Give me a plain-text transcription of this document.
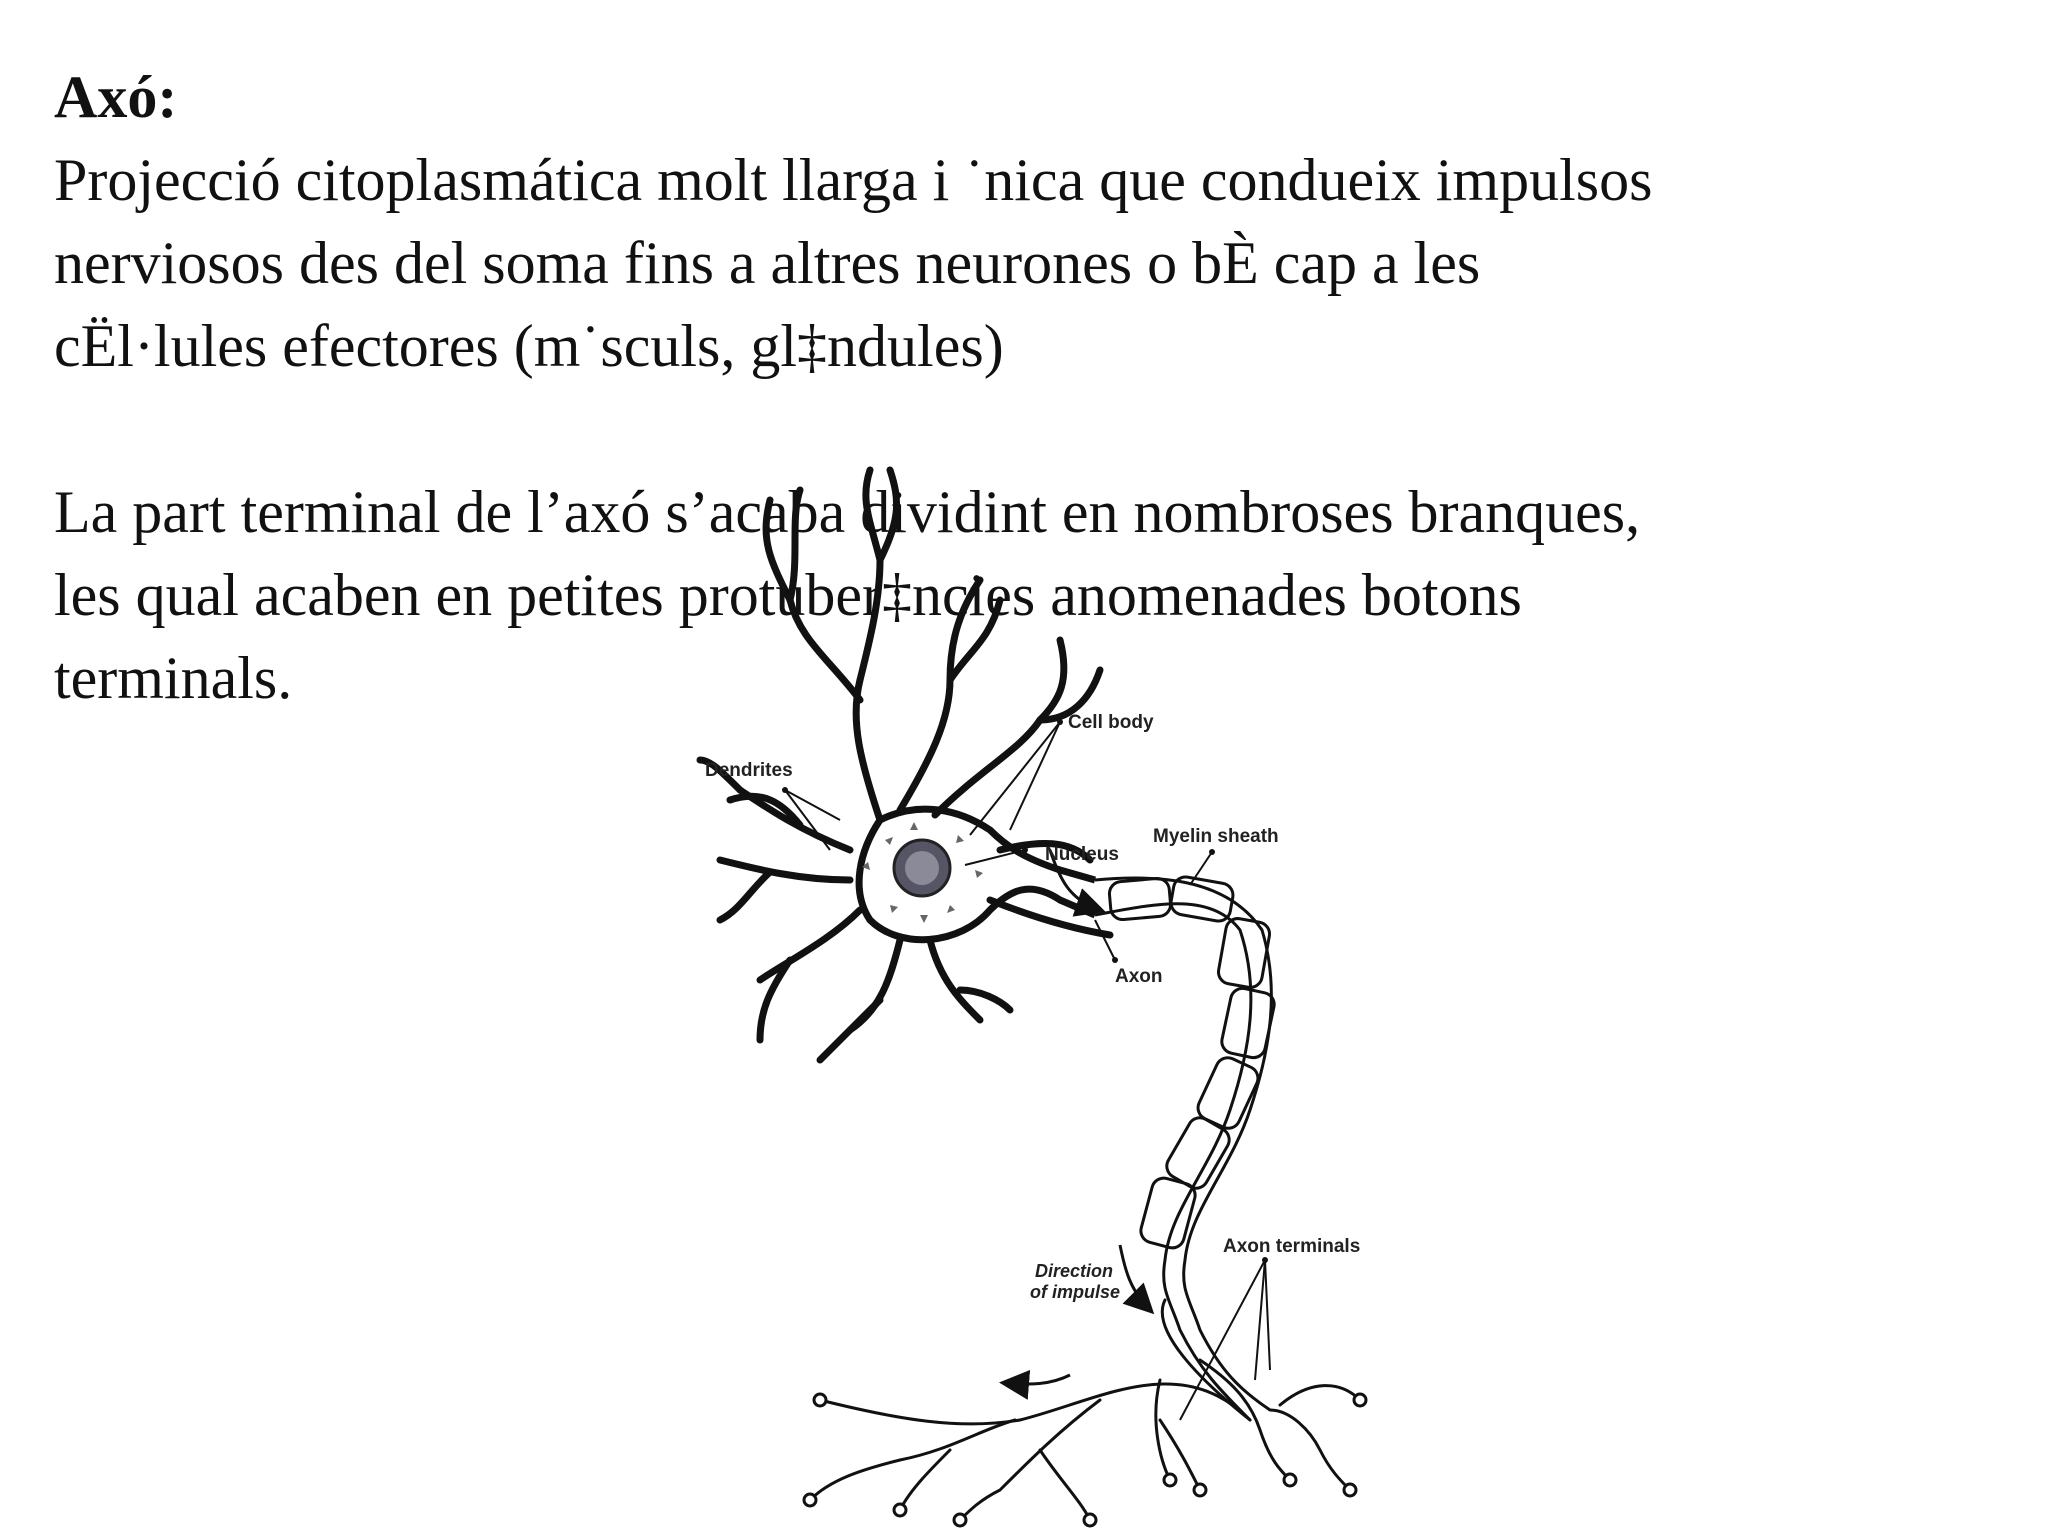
Axó:
Projecció citoplasmática molt llarga i ˙nica que condueix impulsos
nerviosos des del soma fins a altres neurones o bÈ cap a les
cËl·lules efectores (m˙sculs, gl‡ndules)
La part terminal de l’axó s’acaba dividint en nombroses branques,
les qual acaben en petites protuber‡ncies anomenades botons
terminals.
Cell body
Dendrites
Nucleus
Myelin sheath
Axon
Axon terminals
Direction
of impulse
